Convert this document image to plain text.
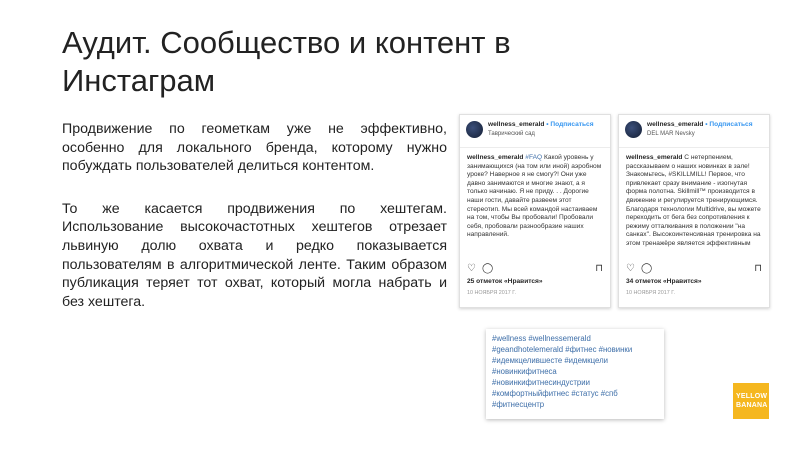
Аудит. Сообщество и контент в Инстаграм

Продвижение по геометкам уже не эффективно, особенно для локального бренда, которому нужно побуждать пользователей делиться контентом.

То же касается продвижения по хештегам. Использование высокочастотных хештегов отрезает львиную долю охвата и редко показывается пользователям в алгоритмической ленте. Таким образом публикация теряет тот охват, который могла набрать и без хештега.

wellness_emerald • Подписаться
Таврический сад
wellness_emerald #FAQ Какой уровень у занимающихся (на том или иной) аэробном уроке? Наверное я не смогу?! Они уже давно занимаются и многие знают, а я только начинаю. Я не приду. . . Дорогие наши гости, давайте развеем этот стереотип. Мы всей командой настаиваем на том, чтобы Вы пробовали! Пробовали себя, пробовали разнообразие наших направлений.
♡ ◯	⊓
25 отметок «Нравится»
10 НОЯБРЯ 2017 Г.
wellness_emerald • Подписаться
DEL MAR Nevsky
wellness_emerald С нетерпением, рассказываем о наших новинках в зале! Знакомьтесь, #SKILLMILL! Первое, что привлекает сразу внимание - изогнутая форма полотна. Skillmill™ производится в движение и регулируется тренирующимся. Благодаря технологии Multidrive, вы можете переходить от бега без сопротивления к режиму отталкивания в положении "на санках". Высокоинтенсивная тренировка на этом тренажёре является эффективным
♡ ◯	⊓
34 отметок «Нравится»
10 НОЯБРЯ 2017 Г.
#wellness #wellnessemerald
#geandhotelemerald #фитнес #новинки
#идемкцелившесте #идемкцели
#новинкифитнеса
#новинкифитнесиндустрии
#комфортныйфитнес #статус #спб
#фитнесцентр
YELLOW
BANANA
